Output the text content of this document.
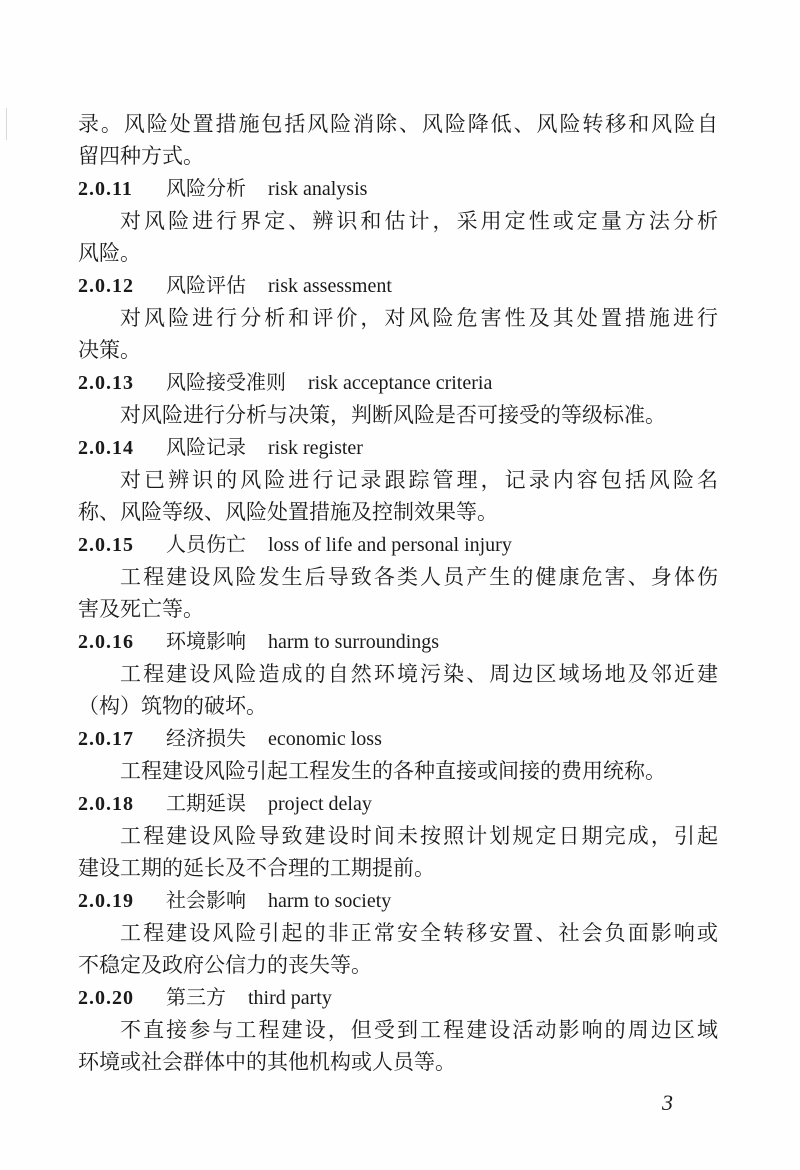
录。风险处置措施包括风险消除、风险降低、风险转移和风险自
留四种方式。
2.0.11	风险分析 risk analysis
对风险进行界定、辨识和估计，采用定性或定量方法分析
风险。
2.0.12	风险评估 risk assessment
对风险进行分析和评价，对风险危害性及其处置措施进行
决策。
2.0.13	风险接受准则 risk acceptance criteria
对风险进行分析与决策，判断风险是否可接受的等级标准。
2.0.14	风险记录 risk register
对已辨识的风险进行记录跟踪管理，记录内容包括风险名
称、风险等级、风险处置措施及控制效果等。
2.0.15	人员伤亡 loss of life and personal injury
工程建设风险发生后导致各类人员产生的健康危害、身体伤
害及死亡等。
2.0.16	环境影响 harm to surroundings
工程建设风险造成的自然环境污染、周边区域场地及邻近建
（构）筑物的破坏。
2.0.17	经济损失 economic loss
工程建设风险引起工程发生的各种直接或间接的费用统称。
2.0.18	工期延误 project delay
工程建设风险导致建设时间未按照计划规定日期完成，引起
建设工期的延长及不合理的工期提前。
2.0.19	社会影响 harm to society
工程建设风险引起的非正常安全转移安置、社会负面影响或
不稳定及政府公信力的丧失等。
2.0.20	第三方 third party
不直接参与工程建设，但受到工程建设活动影响的周边区域
环境或社会群体中的其他机构或人员等。
3
